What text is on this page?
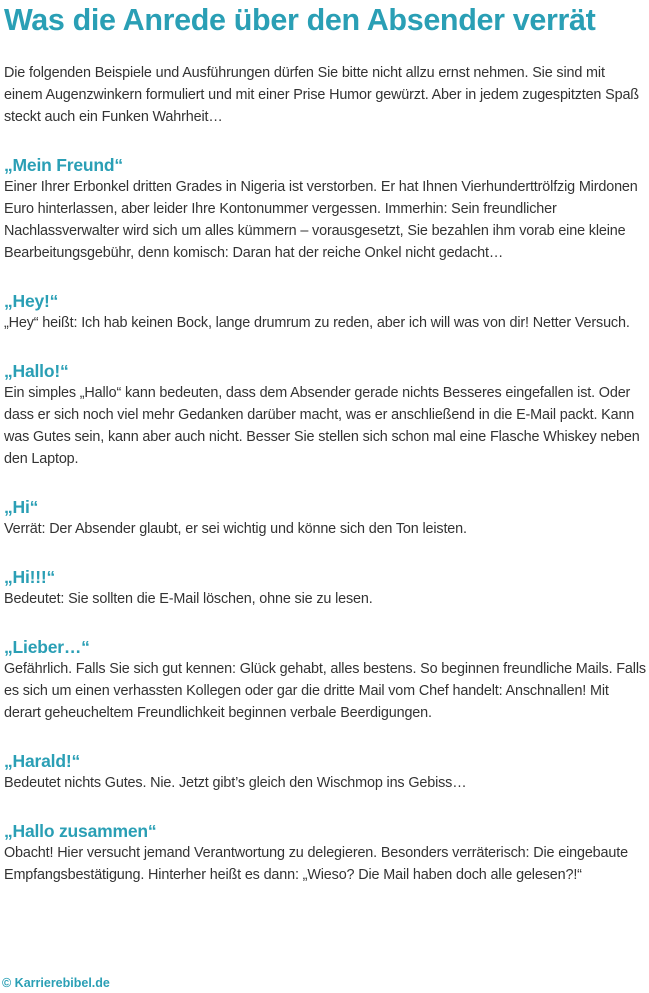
Was die Anrede über den Absender verrät

Die folgenden Beispiele und Ausführungen dürfen Sie bitte nicht allzu ernst nehmen. Sie sind mit einem Augenzwinkern formuliert und mit einer Prise Humor gewürzt. Aber in jedem zugespitzten Spaß steckt auch ein Funken Wahrheit…

„Mein Freund“

Einer Ihrer Erbonkel dritten Grades in Nigeria ist verstorben. Er hat Ihnen Vierhunderttrölfzig Mirdonen Euro hinterlassen, aber leider Ihre Kontonummer vergessen. Immerhin: Sein freundlicher Nachlassverwalter wird sich um alles kümmern – vorausgesetzt, Sie bezahlen ihm vorab eine kleine Bearbeitungsgebühr, denn komisch: Daran hat der reiche Onkel nicht gedacht…

„Hey!“

„Hey“ heißt: Ich hab keinen Bock, lange drumrum zu reden, aber ich will was von dir! Netter Versuch.

„Hallo!“

Ein simples „Hallo“ kann bedeuten, dass dem Absender gerade nichts Besseres eingefallen ist. Oder dass er sich noch viel mehr Gedanken darüber macht, was er anschließend in die E-Mail packt. Kann was Gutes sein, kann aber auch nicht. Besser Sie stellen sich schon mal eine Flasche Whiskey neben den Laptop.

„Hi“

Verrät: Der Absender glaubt, er sei wichtig und könne sich den Ton leisten.

„Hi!!!“

Bedeutet: Sie sollten die E-Mail löschen, ohne sie zu lesen.

„Lieber…“

Gefährlich. Falls Sie sich gut kennen: Glück gehabt, alles bestens. So beginnen freundliche Mails. Falls es sich um einen verhassten Kollegen oder gar die dritte Mail vom Chef handelt: Anschnallen! Mit derart geheucheltem Freundlichkeit beginnen verbale Beerdigungen.

„Harald!“

Bedeutet nichts Gutes. Nie. Jetzt gibt’s gleich den Wischmop ins Gebiss…

„Hallo zusammen“

Obacht! Hier versucht jemand Verantwortung zu delegieren. Besonders verräterisch: Die eingebaute Empfangsbestätigung. Hinterher heißt es dann: „Wieso? Die Mail haben doch alle gelesen?!“

© Karrierebibel.de
